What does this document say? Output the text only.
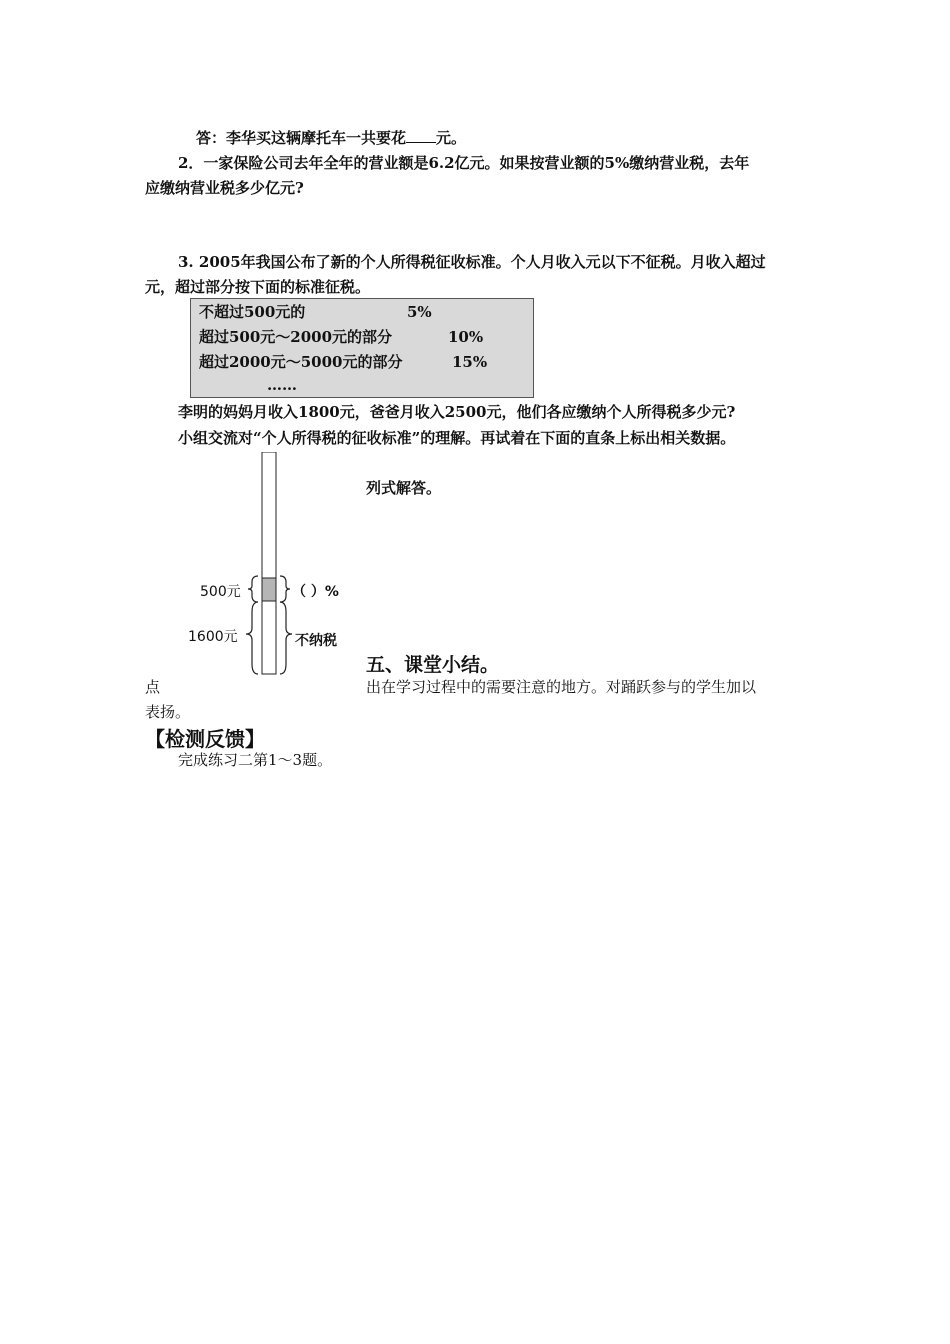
答：李华买这辆摩托车一共要花 元。
2．一家保险公司去年全年的营业额是6.2亿元。如果按营业额的5%缴纳营业税，去年
应缴纳营业税多少亿元?
3. 2005年我国公布了新的个人所得税征收标准。个人月收入元以下不征税。月收入超过
元，超过部分按下面的标准征税。
不超过500元的	5%
超过500元～2000元的部分	10%
超过2000元～5000元的部分	15%
……
李明的妈妈月收入1800元，爸爸月收入2500元，他们各应缴纳个人所得税多少元?
小组交流对“个人所得税的征收标准”的理解。再试着在下面的直条上标出相关数据。
列式解答。
500元
1600元
（ ）%
不纳税
五、课堂小结。
点	出在学习过程中的需要注意的地方。对踊跃参与的学生加以
表扬。
【检测反馈】
完成练习二第1～3题。
